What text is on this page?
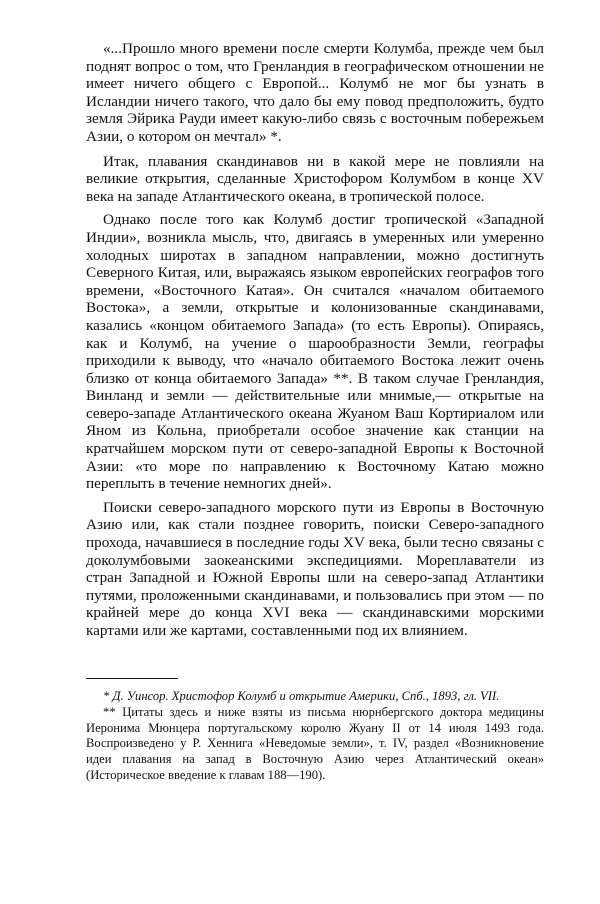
«...Прошло много времени после смерти Колумба, прежде чем был поднят вопрос о том, что Гренландия в географическом отношении не имеет ничего общего с Европой... Колумб не мог бы узнать в Исландии ничего такого, что дало бы ему повод предположить, будто земля Эйрика Рауди имеет какую-либо связь с восточным побережьем Азии, о котором он мечтал» *.

Итак, плавания скандинавов ни в какой мере не повлияли на великие открытия, сделанные Христофором Колумбом в конце XV века на западе Атлантического океана, в тропической полосе.

Однако после того как Колумб достиг тропической «Западной Индии», возникла мысль, что, двигаясь в умеренных или умеренно холодных широтах в западном направлении, можно достигнуть Северного Китая, или, выражаясь языком европейских географов того времени, «Восточного Катая». Он считался «началом обитаемого Востока», а земли, открытые и колонизованные скандинавами, казались «концом обитаемого Запада» (то есть Европы). Опираясь, как и Колумб, на учение о шарообразности Земли, географы приходили к выводу, что «начало обитаемого Востока лежит очень близко от конца обитаемого Запада» **. В таком случае Гренландия, Винланд и земли — действительные или мнимые,— открытые на северо-западе Атлантического океана Жуаном Ваш Кортириалом или Яном из Кольна, приобретали особое значение как станции на кратчайшем морском пути от северо-западной Европы к Восточной Азии: «то море по направлению к Восточному Катаю можно переплыть в течение немногих дней».

Поиски северо-западного морского пути из Европы в Восточную Азию или, как стали позднее говорить, поиски Северо-западного прохода, начавшиеся в последние годы XV века, были тесно связаны с доколумбовыми заокеанскими экспедициями. Мореплаватели из стран Западной и Южной Европы шли на северо-запад Атлантики путями, проложенными скандинавами, и пользовались при этом — по крайней мере до конца XVI века — скандинавскими морскими картами или же картами, составленными под их влиянием.

* Д. Уинсор. Христофор Колумб и открытие Америки, Спб., 1893, гл. VII.

** Цитаты здесь и ниже взяты из письма нюрнбергского доктора медицины Иеронима Мюнцера португальскому королю Жуану II от 14 июля 1493 года. Воспроизведено у Р. Хеннига «Неведомые земли», т. IV, раздел «Возникновение идеи плавания на запад в Восточную Азию через Атлантический океан» (Историческое введение к главам 188—190).
